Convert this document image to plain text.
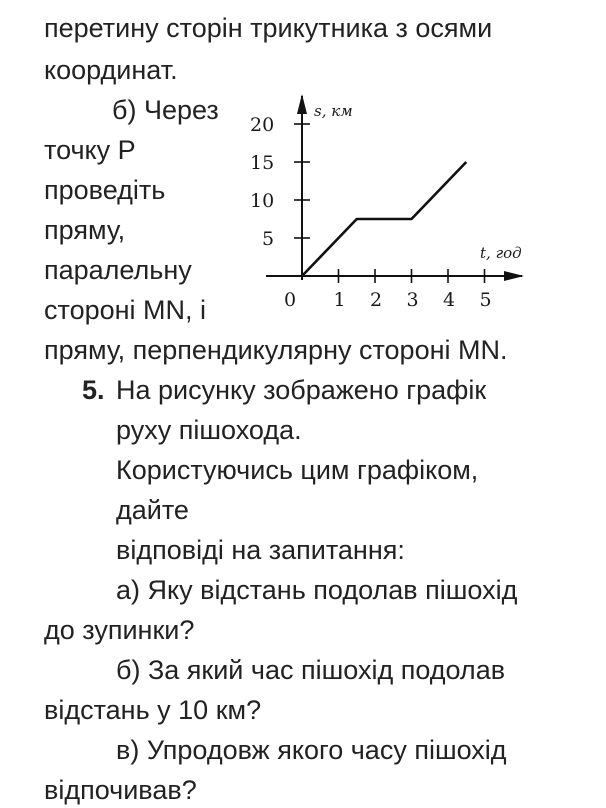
перетину сторін трикутника з осями
координат.
б) Через
точку P
проведіть
пряму,
паралельну
стороні MN, і
пряму, перпендикулярну стороні MN.
5. На рисунку зображено графік
руху пішохода.
Користуючись цим графіком,
дайте
відповіді на запитання:
а) Яку відстань подолав пішохід
до зупинки?
б) За який час пішохід подолав
відстань у 10 км?
в) Упродовж якого часу пішохід
відпочивав?
0 1 2 3 4 5
5
10
15
20
s, км
t, год
